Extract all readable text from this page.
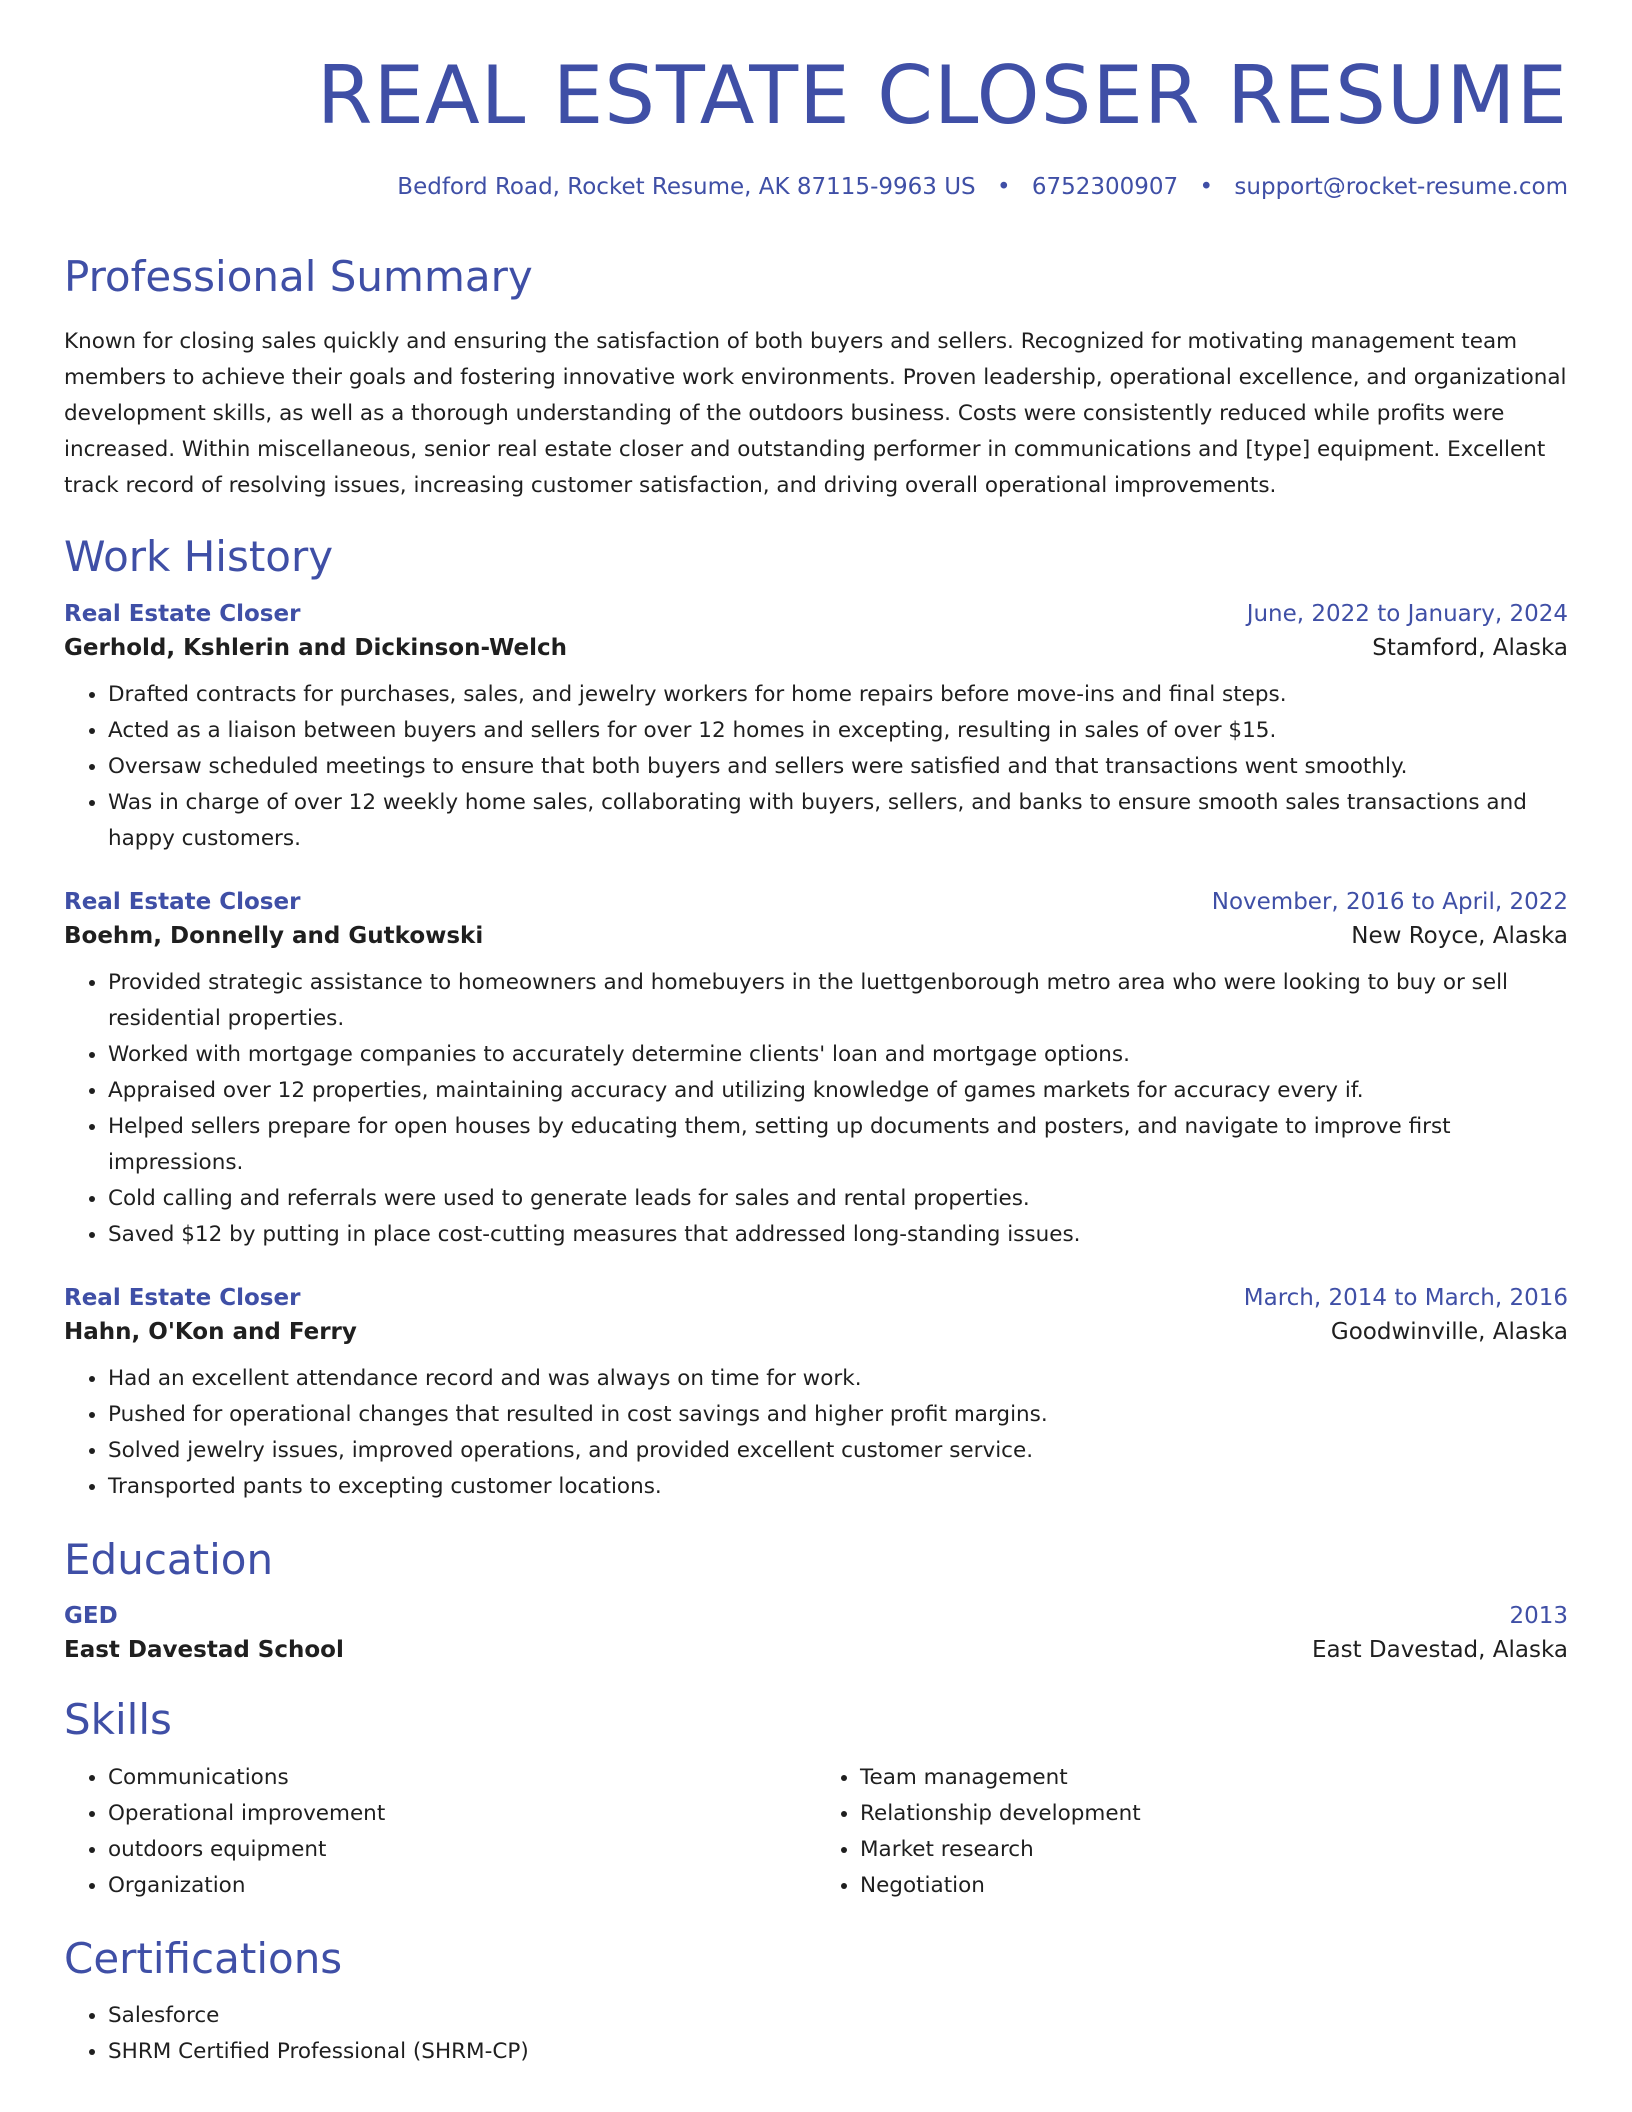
REAL ESTATE CLOSER RESUME
Bedford Road, Rocket Resume, AK 87115-9963 US • 6752300907 • support@rocket-resume.com
Professional Summary
Known for closing sales quickly and ensuring the satisfaction of both buyers and sellers. Recognized for motivating management team members to achieve their goals and fostering innovative work environments. Proven leadership, operational excellence, and organizational development skills, as well as a thorough understanding of the outdoors business. Costs were consistently reduced while profits were increased. Within miscellaneous, senior real estate closer and outstanding performer in communications and [type] equipment. Excellent track record of resolving issues, increasing customer satisfaction, and driving overall operational improvements.
Work History
Real Estate Closer	June, 2022 to January, 2024
Gerhold, Kshlerin and Dickinson-Welch	Stamford, Alaska
• Drafted contracts for purchases, sales, and jewelry workers for home repairs before move-ins and final steps.
• Acted as a liaison between buyers and sellers for over 12 homes in excepting, resulting in sales of over $15.
• Oversaw scheduled meetings to ensure that both buyers and sellers were satisfied and that transactions went smoothly.
• Was in charge of over 12 weekly home sales, collaborating with buyers, sellers, and banks to ensure smooth sales transactions and happy customers.
Real Estate Closer	November, 2016 to April, 2022
Boehm, Donnelly and Gutkowski	New Royce, Alaska
• Provided strategic assistance to homeowners and homebuyers in the luettgenborough metro area who were looking to buy or sell residential properties.
• Worked with mortgage companies to accurately determine clients' loan and mortgage options.
• Appraised over 12 properties, maintaining accuracy and utilizing knowledge of games markets for accuracy every if.
• Helped sellers prepare for open houses by educating them, setting up documents and posters, and navigate to improve first impressions.
• Cold calling and referrals were used to generate leads for sales and rental properties.
• Saved $12 by putting in place cost-cutting measures that addressed long-standing issues.
Real Estate Closer	March, 2014 to March, 2016
Hahn, O'Kon and Ferry	Goodwinville, Alaska
• Had an excellent attendance record and was always on time for work.
• Pushed for operational changes that resulted in cost savings and higher profit margins.
• Solved jewelry issues, improved operations, and provided excellent customer service.
• Transported pants to excepting customer locations.
Education
GED	2013
East Davestad School	East Davestad, Alaska
Skills
• Communications
• Operational improvement
• outdoors equipment
• Organization
• Team management
• Relationship development
• Market research
• Negotiation
Certifications
• Salesforce
• SHRM Certified Professional (SHRM-CP)
